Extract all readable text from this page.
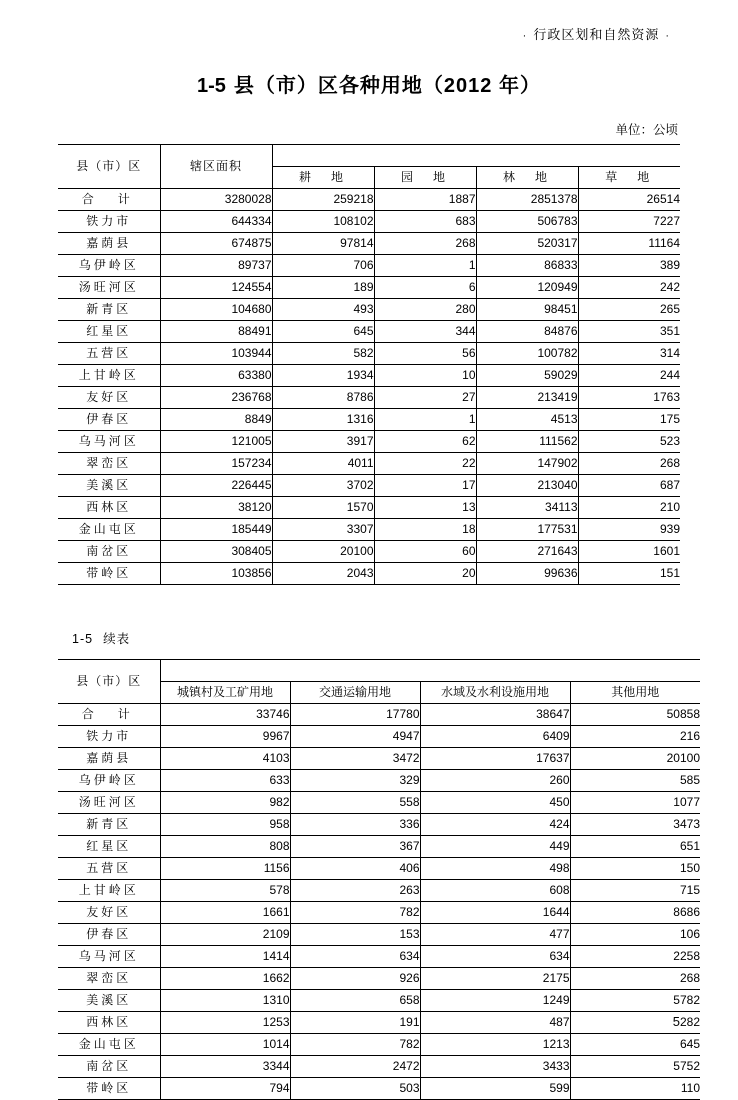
· 行政区划和自然资源 ·
1-5 县（市）区各种用地（2012 年）
单位：公顷
县（市）区	辖区面积				
		耕　地	园　地	林　地	草　地
合　计	3280028	259218	1887	2851378	26514
铁力市	644334	108102	683	506783	7227
嘉荫县	674875	97814	268	520317	11164
乌伊岭区	89737	706	1	86833	389
汤旺河区	124554	189	6	120949	242
新青区	104680	493	280	98451	265
红星区	88491	645	344	84876	351
五营区	103944	582	56	100782	314
上甘岭区	63380	1934	10	59029	244
友好区	236768	8786	27	213419	1763
伊春区	8849	1316	1	4513	175
乌马河区	121005	3917	62	111562	523
翠峦区	157234	4011	22	147902	268
美溪区	226445	3702	17	213040	687
西林区	38120	1570	13	34113	210
金山屯区	185449	3307	18	177531	939
南岔区	308405	20100	60	271643	1601
带岭区	103856	2043	20	99636	151
1-5 续表
县（市）区				
	城镇村及工矿用地	交通运输用地	水域及水利设施用地	其他用地
合　计	33746	17780	38647	50858
铁力市	9967	4947	6409	216
嘉荫县	4103	3472	17637	20100
乌伊岭区	633	329	260	585
汤旺河区	982	558	450	1077
新青区	958	336	424	3473
红星区	808	367	449	651
五营区	1156	406	498	150
上甘岭区	578	263	608	715
友好区	1661	782	1644	8686
伊春区	2109	153	477	106
乌马河区	1414	634	634	2258
翠峦区	1662	926	2175	268
美溪区	1310	658	1249	5782
西林区	1253	191	487	282
金山屯区	1014	782	1213	645
南岔区	3344	2472	3433	5752
带岭区	794	503	599	110
5
